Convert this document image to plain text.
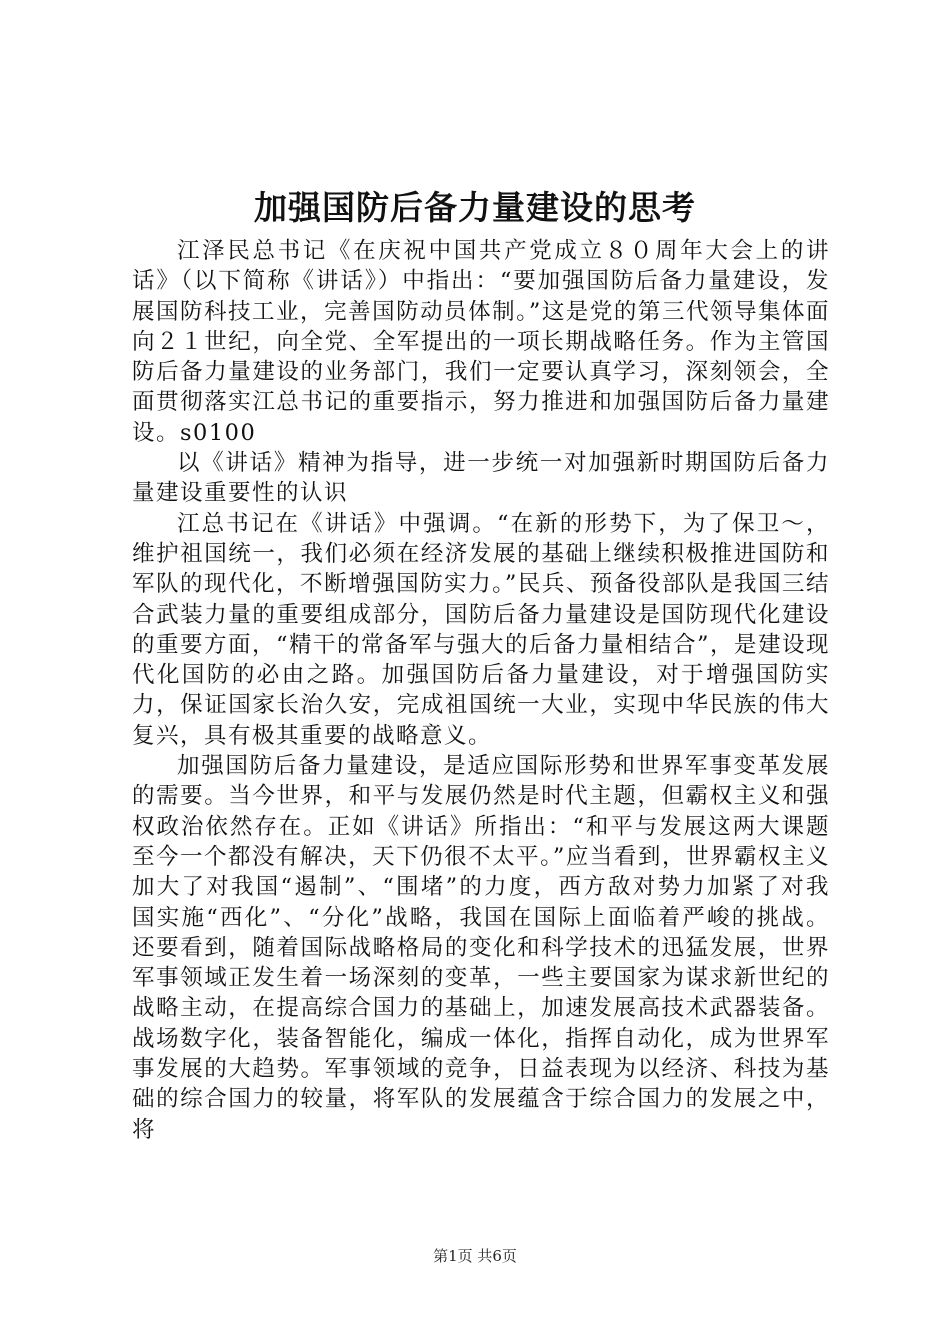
加强国防后备力量建设的思考

江泽民总书记《在庆祝中国共产党成立８０周年大会上的讲话》（以下简称《讲话》）中指出：“要加强国防后备力量建设，发展国防科技工业，完善国防动员体制。”这是党的第三代领导集体面向２１世纪，向全党、全军提出的一项长期战略任务。作为主管国防后备力量建设的业务部门，我们一定要认真学习，深刻领会，全面贯彻落实江总书记的重要指示，努力推进和加强国防后备力量建设。s0100

以《讲话》精神为指导，进一步统一对加强新时期国防后备力量建设重要性的认识

江总书记在《讲话》中强调。“在新的形势下，为了保卫～，维护祖国统一，我们必须在经济发展的基础上继续积极推进国防和军队的现代化，不断增强国防实力。”民兵、预备役部队是我国三结合武装力量的重要组成部分，国防后备力量建设是国防现代化建设的重要方面，“精干的常备军与强大的后备力量相结合”，是建设现代化国防的必由之路。加强国防后备力量建设，对于增强国防实力，保证国家长治久安，完成祖国统一大业，实现中华民族的伟大复兴，具有极其重要的战略意义。

加强国防后备力量建设，是适应国际形势和世界军事变革发展的需要。当今世界，和平与发展仍然是时代主题，但霸权主义和强权政治依然存在。正如《讲话》所指出：“和平与发展这两大课题至今一个都没有解决，天下仍很不太平。”应当看到，世界霸权主义加大了对我国“遏制”、“围堵”的力度，西方敌对势力加紧了对我国实施“西化”、“分化”战略，我国在国际上面临着严峻的挑战。还要看到，随着国际战略格局的变化和科学技术的迅猛发展，世界军事领域正发生着一场深刻的变革，一些主要国家为谋求新世纪的战略主动，在提高综合国力的基础上，加速发展高技术武器装备。战场数字化，装备智能化，编成一体化，指挥自动化，成为世界军事发展的大趋势。军事领域的竞争，日益表现为以经济、科技为基础的综合国力的较量，将军队的发展蕴含于综合国力的发展之中，将

第1页 共6页
